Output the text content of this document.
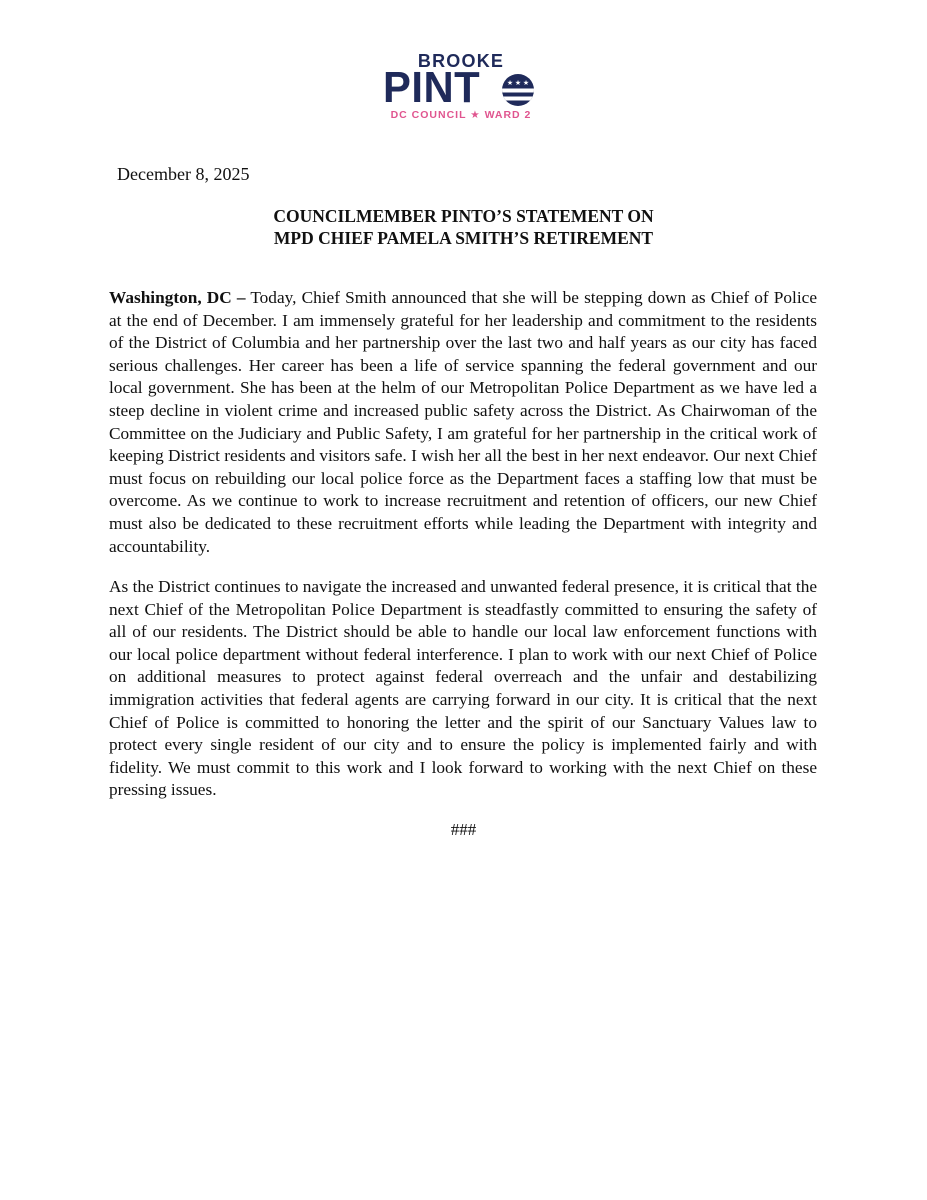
BROOKE
PINT	★ ★ ★
DC COUNCIL ★ WARD 2
December 8, 2025
COUNCILMEMBER PINTO’S STATEMENT ON
MPD CHIEF PAMELA SMITH’S RETIREMENT

Washington, DC – Today, Chief Smith announced that she will be stepping down as Chief of Police at the end of December. I am immensely grateful for her leadership and commitment to the residents of the District of Columbia and her partnership over the last two and half years as our city has faced serious challenges. Her career has been a life of service spanning the federal government and our local government. She has been at the helm of our Metropolitan Police Department as we have led a steep decline in violent crime and increased public safety across the District. As Chairwoman of the Committee on the Judiciary and Public Safety, I am grateful for her partnership in the critical work of keeping District residents and visitors safe. I wish her all the best in her next endeavor. Our next Chief must focus on rebuilding our local police force as the Department faces a staffing low that must be overcome. As we continue to work to increase recruitment and retention of officers, our new Chief must also be dedicated to these recruitment efforts while leading the Department with integrity and accountability.

As the District continues to navigate the increased and unwanted federal presence, it is critical that the next Chief of the Metropolitan Police Department is steadfastly committed to ensuring the safety of all of our residents. The District should be able to handle our local law enforcement functions with our local police department without federal interference. I plan to work with our next Chief of Police on additional measures to protect against federal overreach and the unfair and destabilizing immigration activities that federal agents are carrying forward in our city. It is critical that the next Chief of Police is committed to honoring the letter and the spirit of our Sanctuary Values law to protect every single resident of our city and to ensure the policy is implemented fairly and with fidelity. We must commit to this work and I look forward to working with the next Chief on these pressing issues.

###
